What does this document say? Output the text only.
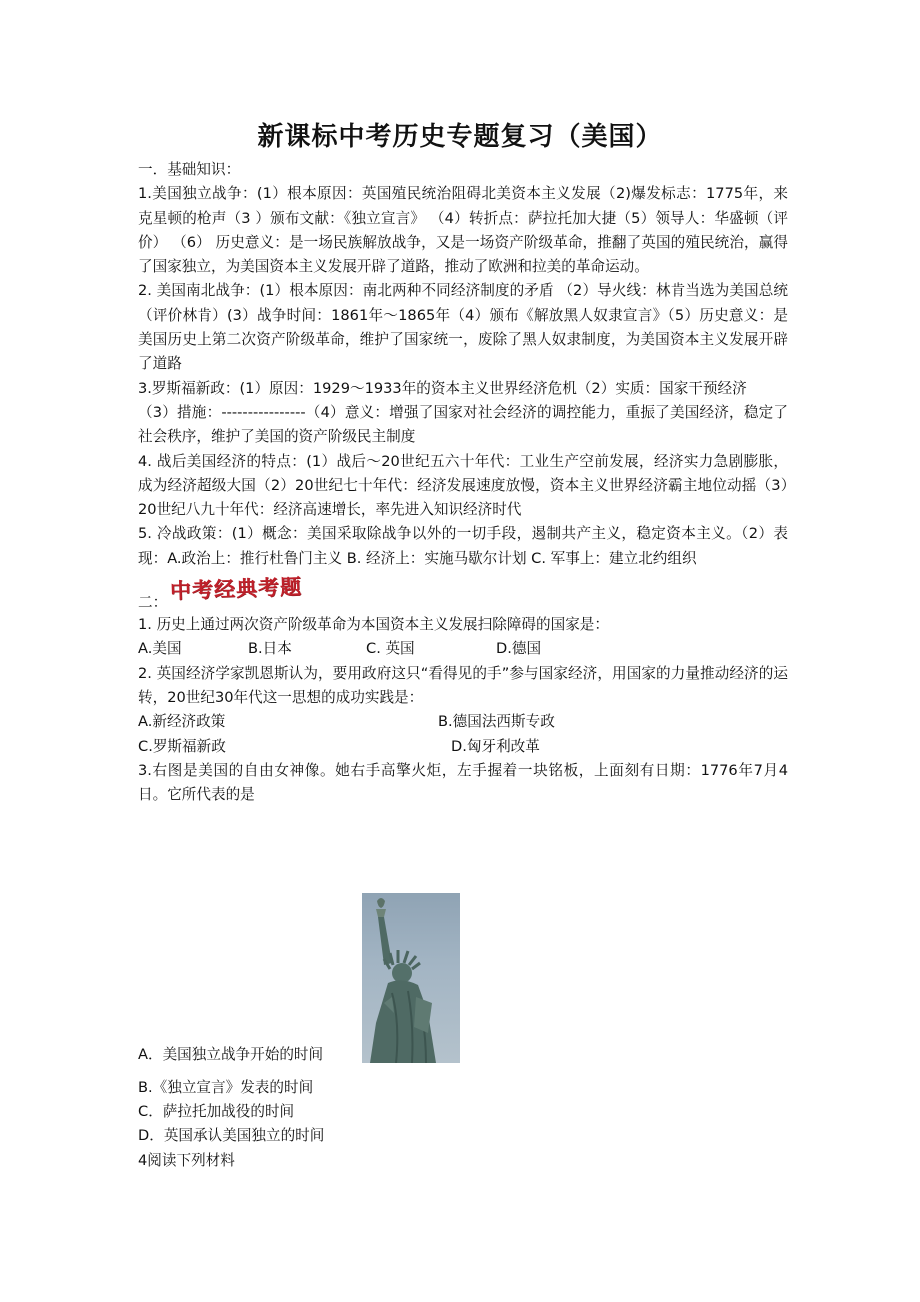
新课标中考历史专题复习（美国）

一．基础知识：

1.美国独立战争：(1）根本原因：英国殖民统治阻碍北美资本主义发展（2)爆发标志：1775年，来克星顿的枪声（3 ）颁布文献：《独立宣言》 （4）转折点：萨拉托加大捷（5）领导人：华盛顿（评价） （6） 历史意义：是一场民族解放战争，又是一场资产阶级革命，推翻了英国的殖民统治，赢得了国家独立，为美国资本主义发展开辟了道路，推动了欧洲和拉美的革命运动。

2. 美国南北战争：(1）根本原因：南北两种不同经济制度的矛盾 （2）导火线：林肯当选为美国总统（评价林肯）(3）战争时间：1861年～1865年（4）颁布《解放黑人奴隶宣言》（5）历史意义：是美国历史上第二次资产阶级革命，维护了国家统一，废除了黑人奴隶制度，为美国资本主义发展开辟了道路

3.罗斯福新政：(1）原因：1929～1933年的资本主义世界经济危机（2）实质：国家干预经济

（3）措施：----------------（4）意义：增强了国家对社会经济的调控能力，重振了美国经济，稳定了社会秩序，维护了美国的资产阶级民主制度

4. 战后美国经济的特点：(1）战后～20世纪五六十年代：工业生产空前发展，经济实力急剧膨胀，成为经济超级大国（2）20世纪七十年代：经济发展速度放慢，资本主义世界经济霸主地位动摇（3）20世纪八九十年代：经济高速增长，率先进入知识经济时代

5. 冷战政策：(1）概念：美国采取除战争以外的一切手段，遏制共产主义，稳定资本主义。（2）表现：A.政治上：推行杜鲁门主义 B. 经济上：实施马歇尔计划 C. 军事上：建立北约组织

二： 中考经典考题

1. 历史上通过两次资产阶级革命为本国资本主义发展扫除障碍的国家是：

A.美国	B.日本	C. 英国	D.德国

2. 英国经济学家凯恩斯认为，要用政府这只“看得见的手”参与国家经济，用国家的力量推动经济的运转，20世纪30年代这一思想的成功实践是：

A.新经济政策	B.德国法西斯专政
C.罗斯福新政	D.匈牙利改革

3.右图是美国的自由女神像。她右手高擎火炬，左手握着一块铭板，上面刻有日期：1776年7月4日。它所代表的是

A．美国独立战争开始的时间
B.《独立宣言》发表的时间
C．萨拉托加战役的时间
D．英国承认美国独立的时间
4阅读下列材料
